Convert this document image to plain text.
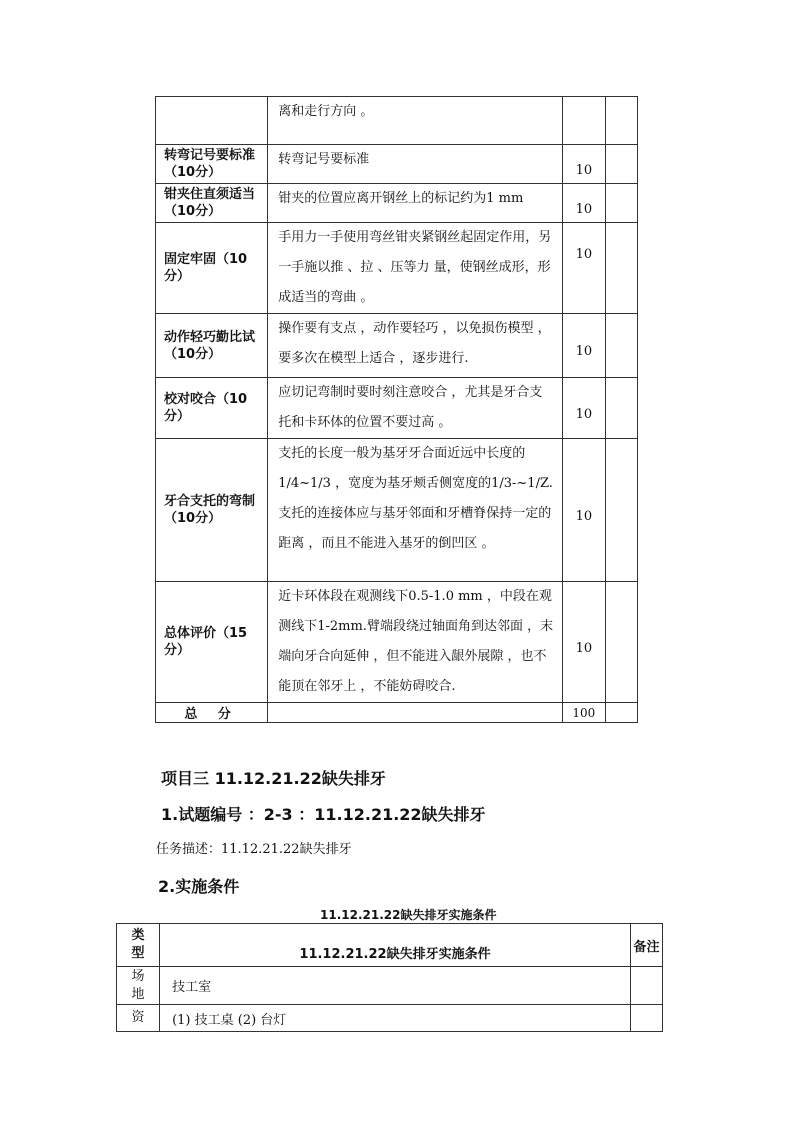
	离和走行方向 。		
转弯记号要标准（10分）	转弯记号要标准	10	
钳夹住直须适当（10分）	钳夹的位置应离开钢丝上的标记约为1 mm	10	
固定牢固（10分）	手用力一手使用弯丝钳夹紧钢丝起固定作用，另一手施以推 、拉 、压等力 量，使钢丝成形，形成适当的弯曲 。	10	
动作轻巧勤比试（10分）	操作要有支点 ，动作要轻巧 ，以免损伤模型 ，要多次在模型上适合 ，逐步进行.	10	
校对咬合（10分）	应切记弯制时要时刻注意咬合 ，尤其是牙合支托和卡环体的位置不要过高 。	10	
牙合支托的弯制（10分）	支托的长度一般为基牙牙合面近远中长度的1/4~1/3 ，宽度为基牙颊舌侧宽度的1/3-~1/Z.支托的连接体应与基牙邻面和牙槽脊保持一定的距离 ，而且不能进入基牙的倒凹区 。	10	
总体评价（15分）	近卡环体段在观测线下0.5-1.0 mm ，中段在观测线下1-2mm.臂端段绕过轴面角到达邻面 ，末端向牙合向延伸 ，但不能进入龈外展隙 ，也不能顶在邻牙上 ，不能妨碍咬合.	10	
总 分		100	

项目三 11.12.21.22缺失排牙

1.试题编号 ：2-3 ：11.12.21.22缺失排牙

任务描述：11.12.21.22缺失排牙

2.实施条件

11.12.21.22缺失排牙实施条件

类型	11.12.21.22缺失排牙实施条件	备注
场地	技工室	
资	(1) 技工桌 (2) 台灯	
